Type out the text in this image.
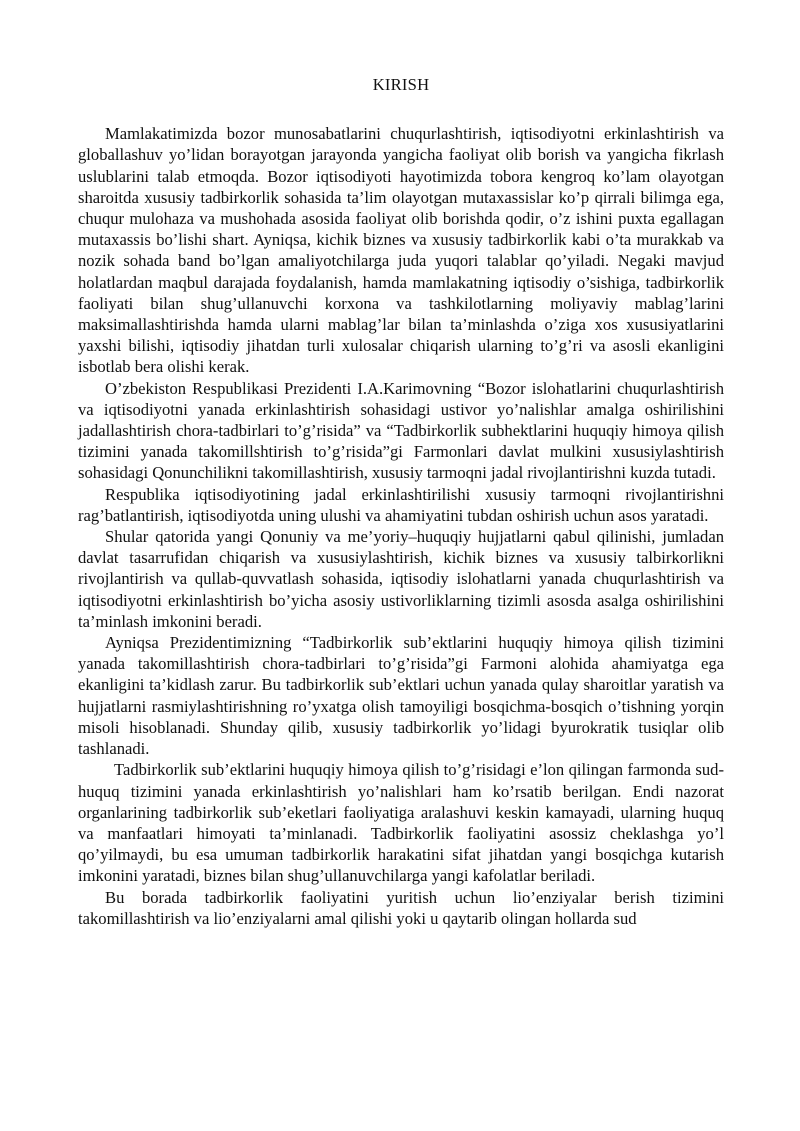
KIRISH

Mamlakatimizda bozor munosabatlarini chuqurlashtirish, iqtisodiyotni erkinlashtirish va globallashuv yo’lidan borayotgan jarayonda yangicha faoliyat olib borish va yangicha fikrlash uslublarini talab etmoqda. Bozor iqtisodiyoti hayotimizda tobora kengroq ko’lam olayotgan sharoitda xususiy tadbirkorlik sohasida ta’lim olayotgan mutaxassislar ko’p qirrali bilimga ega, chuqur mulohaza va mushohada asosida faoliyat olib borishda qodir, o’z ishini puxta egallagan mutaxassis bo’lishi shart. Ayniqsa, kichik biznes va xususiy tadbirkorlik kabi o’ta murakkab va nozik sohada band bo’lgan amaliyotchilarga juda yuqori talablar qo’yiladi. Negaki mavjud holatlardan maqbul darajada foydalanish, hamda mamlakatning iqtisodiy o’sishiga, tadbirkorlik faoliyati bilan shug’ullanuvchi korxona va tashkilotlarning moliyaviy mablag’larini maksimallashtirishda hamda ularni mablag’lar bilan ta’minlashda o’ziga xos xususiyatlarini yaxshi bilishi, iqtisodiy jihatdan turli xulosalar chiqarish ularning to’g’ri va asosli ekanligini isbotlab bera olishi kerak.

O’zbekiston Respublikasi Prezidenti I.A.Karimovning “Bozor islohatlarini chuqurlashtirish va iqtisodiyotni yanada erkinlashtirish sohasidagi ustivor yo’nalishlar amalga oshirilishini jadallashtirish chora-tadbirlari to’g’risida” va “Tadbirkorlik subhektlarini huquqiy himoya qilish tizimini yanada takomillshtirish to’g’risida”gi Farmonlari davlat mulkini xususiylashtirish sohasidagi Qonunchilikni takomillashtirish, xususiy tarmoqni jadal rivojlantirishni kuzda tutadi.

Respublika iqtisodiyotining jadal erkinlashtirilishi xususiy tarmoqni rivojlantirishni rag’batlantirish, iqtisodiyotda uning ulushi va ahamiyatini tubdan oshirish uchun asos yaratadi.

Shular qatorida yangi Qonuniy va me’yoriy–huquqiy hujjatlarni qabul qilinishi, jumladan davlat tasarrufidan chiqarish va xususiylashtirish, kichik biznes va xususiy talbirkorlikni rivojlantirish va qullab-quvvatlash sohasida, iqtisodiy islohatlarni yanada chuqurlashtirish va iqtisodiyotni erkinlashtirish bo’yicha asosiy ustivorliklarning tizimli asosda asalga oshirilishini ta’minlash imkonini beradi.

Ayniqsa Prezidentimizning “Tadbirkorlik sub’ektlarini huquqiy himoya qilish tizimini yanada takomillashtirish chora-tadbirlari to’g’risida”gi Farmoni alohida ahamiyatga ega ekanligini ta’kidlash zarur. Bu tadbirkorlik sub’ektlari uchun yanada qulay sharoitlar yaratish va hujjatlarni rasmiylashtirishning ro’yxatga olish tamoyiligi bosqichma-bosqich o’tishning yorqin misoli hisoblanadi. Shunday qilib, xususiy tadbirkorlik yo’lidagi byurokratik tusiqlar olib tashlanadi.

Tadbirkorlik sub’ektlarini huquqiy himoya qilish to’g’risidagi e’lon qilingan farmonda sud-huquq tizimini yanada erkinlashtirish yo’nalishlari ham ko’rsatib berilgan. Endi nazorat organlarining tadbirkorlik sub’eketlari faoliyatiga aralashuvi keskin kamayadi, ularning huquq va manfaatlari himoyati ta’minlanadi. Tadbirkorlik faoliyatini asossiz cheklashga yo’l qo’yilmaydi, bu esa umuman tadbirkorlik harakatini sifat jihatdan yangi bosqichga kutarish imkonini yaratadi, biznes bilan shug’ullanuvchilarga yangi kafolatlar beriladi.

Bu borada tadbirkorlik faoliyatini yuritish uchun lio’enziyalar berish tizimini takomillashtirish va lio’enziyalarni amal qilishi yoki u qaytarib olingan hollarda sud
